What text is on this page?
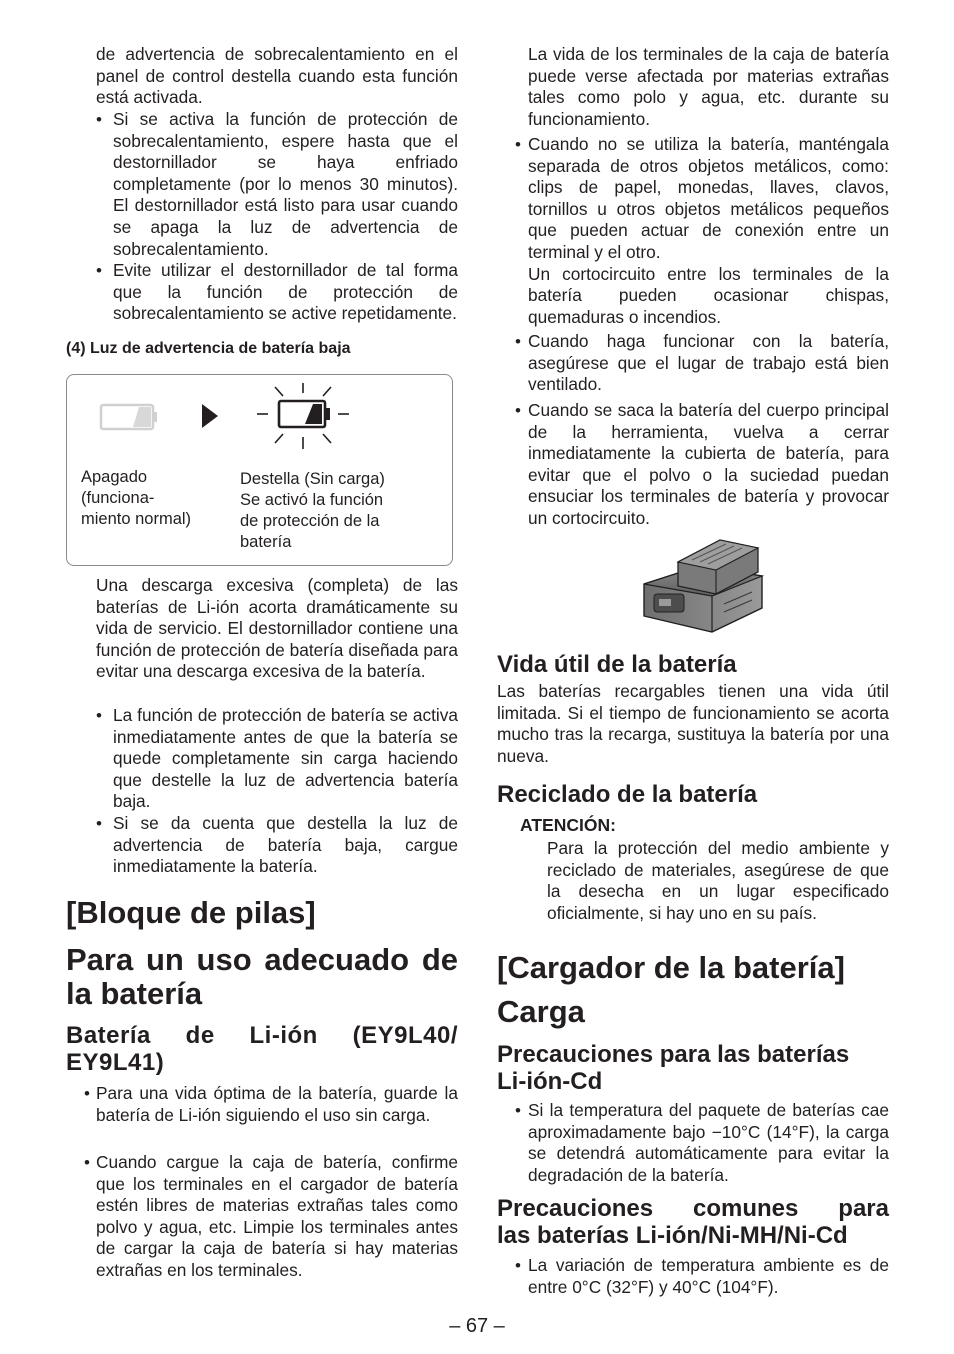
de advertencia de sobrecalentamiento en el panel de control destella cuando esta función está activada.

• Si se activa la función de protección de sobrecalentamiento, espere hasta que el destornillador se haya enfriado completamente (por lo menos 30 minutos). El destornillador está listo para usar cuando se apaga la luz de advertencia de sobrecalentamiento.

• Evite utilizar el destornillador de tal forma que la función de protección de sobrecalentamiento se active repetidamente.

(4) Luz de advertencia de batería baja
Apagado
(funciona-
miento normal)
Destella (Sin carga)
Se activó la función
de protección de la
batería

Una descarga excesiva (completa) de las baterías de Li-ión acorta dramáticamente su vida de servicio. El destornillador contiene una función de protección de batería diseñada para evitar una descarga excesiva de la batería.

• La función de protección de batería se activa inmediatamente antes de que la batería se quede completamente sin carga haciendo que destelle la luz de advertencia batería baja.

• Si se da cuenta que destella la luz de advertencia de batería baja, cargue inmediatamente la batería.

[Bloque de pilas]
Para un uso adecuado de
la batería
Batería de Li-ión (EY9L40/
EY9L41)
• Para una vida óptima de la batería, guarde la batería de Li-ión siguiendo el uso sin carga.

• Cuando cargue la caja de batería, confirme que los terminales en el cargador de batería estén libres de materias extrañas tales como polvo y agua, etc. Limpie los terminales antes de cargar la caja de batería si hay materias extrañas en los terminales.

La vida de los terminales de la caja de batería puede verse afectada por materias extrañas tales como polo y agua, etc. durante su funcionamiento.

• Cuando no se utiliza la batería, manténgala separada de otros objetos metálicos, como: clips de papel, monedas, llaves, clavos, tornillos u otros objetos metálicos pequeños que pueden actuar de conexión entre un terminal y el otro.

Un cortocircuito entre los terminales de la batería pueden ocasionar chispas, quemaduras o incendios.

• Cuando haga funcionar con la batería, asegúrese que el lugar de trabajo está bien ventilado.

• Cuando se saca la batería del cuerpo principal de la herramienta, vuelva a cerrar inmediatamente la cubierta de batería, para evitar que el polvo o la suciedad puedan ensuciar los terminales de batería y provocar un cortocircuito.

Vida útil de la batería

Las baterías recargables tienen una vida útil limitada. Si el tiempo de funcionamiento se acorta mucho tras la recarga, sustituya la batería por una nueva.

Reciclado de la batería
ATENCIÓN:

Para la protección del medio ambiente y reciclado de materiales, asegúrese de que la desecha en un lugar especificado oficialmente, si hay uno en su país.

[Cargador de la batería]
Carga
Precauciones para las baterías
Li-ión-Cd
• Si la temperatura del paquete de baterías cae aproximadamente bajo −10°C (14°F), la carga se detendrá automáticamente para evitar la degradación de la batería.

Precauciones comunes para
las baterías Li-ión/Ni-MH/Ni-Cd
• La variación de temperatura ambiente es de entre 0°C (32°F) y 40°C (104°F).

– 67 –
